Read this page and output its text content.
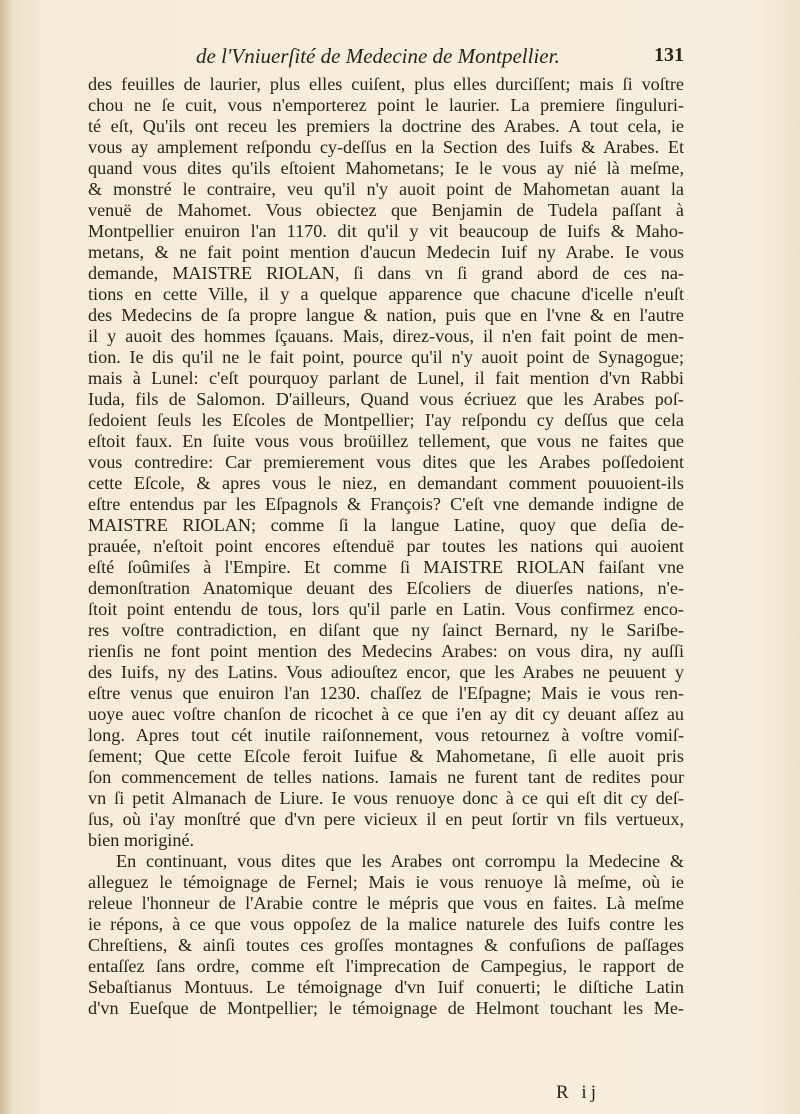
de l'Vniuerſité de Medecine de Montpellier.	131
des feuilles de laurier, plus elles cuiſent, plus elles durciſſent; mais ſi voſtre
chou ne ſe cuit, vous n'emporterez point le laurier. La premiere ſinguluri-
té eſt, Qu'ils ont receu les premiers la doctrine des Arabes. A tout cela, ie
vous ay amplement reſpondu cy-deſſus en la Section des Iuifs & Arabes. Et
quand vous dites qu'ils eſtoient Mahometans; Ie le vous ay nié là meſme,
& monstré le contraire, veu qu'il n'y auoit point de Mahometan auant la
venuë de Mahomet. Vous obiectez que Benjamin de Tudela paſſant à
Montpellier enuiron l'an 1170. dit qu'il y vit beaucoup de Iuifs & Maho-
metans, & ne fait point mention d'aucun Medecin Iuif ny Arabe. Ie vous
demande, MAISTRE RIOLAN, ſi dans vn ſi grand abord de ces na-
tions en cette Ville, il y a quelque apparence que chacune d'icelle n'euſt
des Medecins de ſa propre langue & nation, puis que en l'vne & en l'autre
il y auoit des hommes ſçauans. Mais, direz-vous, il n'en fait point de men-
tion. Ie dis qu'il ne le fait point, pource qu'il n'y auoit point de Synagogue;
mais à Lunel: c'eſt pourquoy parlant de Lunel, il fait mention d'vn Rabbi
Iuda, fils de Salomon. D'ailleurs, Quand vous écriuez que les Arabes poſ-
ſedoient ſeuls les Eſcoles de Montpellier; I'ay reſpondu cy deſſus que cela
eſtoit faux. En ſuite vous vous broüillez tellement, que vous ne faites que
vous contredire: Car premierement vous dites que les Arabes poſſedoient
cette Eſcole, & apres vous le niez, en demandant comment pouuoient-ils
eſtre entendus par les Eſpagnols & François? C'eſt vne demande indigne de
MAISTRE RIOLAN; comme ſi la langue Latine, quoy que deſia de-
prauée, n'eſtoit point encores eſtenduë par toutes les nations qui auoient
eſté ſoûmiſes à l'Empire. Et comme ſi MAISTRE RIOLAN faiſant vne
demonſtration Anatomique deuant des Eſcoliers de diuerſes nations, n'e-
ſtoit point entendu de tous, lors qu'il parle en Latin. Vous confirmez enco-
res voſtre contradiction, en diſant que ny ſainct Bernard, ny le Sariſbe-
rienſis ne font point mention des Medecins Arabes: on vous dira, ny auſſi
des Iuifs, ny des Latins. Vous adiouſtez encor, que les Arabes ne peuuent y
eſtre venus que enuiron l'an 1230. chaſſez de l'Eſpagne; Mais ie vous ren-
uoye auec voſtre chanſon de ricochet à ce que i'en ay dit cy deuant aſſez au
long. Apres tout cét inutile raiſonnement, vous retournez à voſtre vomiſ-
ſement; Que cette Eſcole feroit Iuifue & Mahometane, ſi elle auoit pris
ſon commencement de telles nations. Iamais ne furent tant de redites pour
vn ſi petit Almanach de Liure. Ie vous renuoye donc à ce qui eſt dit cy deſ-
ſus, où i'ay monſtré que d'vn pere vicieux il en peut ſortir vn fils vertueux,
bien moriginé.
En continuant, vous dites que les Arabes ont corrompu la Medecine &
alleguez le témoignage de Fernel; Mais ie vous renuoye là meſme, où ie
releue l'honneur de l'Arabie contre le mépris que vous en faites. Là meſme
ie répons, à ce que vous oppoſez de la malice naturele des Iuifs contre les
Chreſtiens, & ainſi toutes ces groſſes montagnes & confuſions de paſſages
entaſſez ſans ordre, comme eſt l'imprecation de Campegius, le rapport de
Sebaſtianus Montuus. Le témoignage d'vn Iuif conuerti; le diſtiche Latin
d'vn Eueſque de Montpellier; le témoignage de Helmont touchant les Me-
R ij
